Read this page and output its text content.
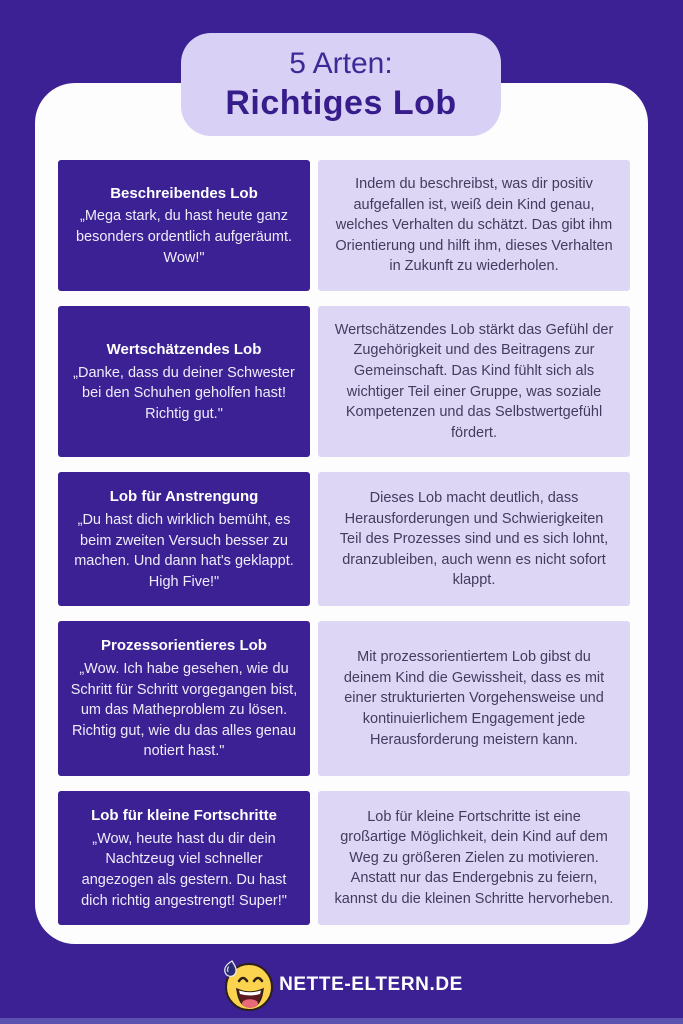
5 Arten:
Richtiges Lob
Beschreibendes Lob
„Mega stark, du hast heute ganz besonders ordentlich aufgeräumt. Wow!"
Indem du beschreibst, was dir positiv aufgefallen ist, weiß dein Kind genau, welches Verhalten du schätzt. Das gibt ihm Orientierung und hilft ihm, dieses Verhalten in Zukunft zu wiederholen.
Wertschätzendes Lob
„Danke, dass du deiner Schwester bei den Schuhen geholfen hast! Richtig gut."
Wertschätzendes Lob stärkt das Gefühl der Zugehörigkeit und des Beitragens zur Gemeinschaft. Das Kind fühlt sich als wichtiger Teil einer Gruppe, was soziale Kompetenzen und das Selbstwertgefühl fördert.
Lob für Anstrengung
„Du hast dich wirklich bemüht, es beim zweiten Versuch besser zu machen. Und dann hat's geklappt. High Five!"
Dieses Lob macht deutlich, dass Herausforderungen und Schwierigkeiten Teil des Prozesses sind und es sich lohnt, dranzubleiben, auch wenn es nicht sofort klappt.
Prozessorientieres Lob
„Wow. Ich habe gesehen, wie du Schritt für Schritt vorgegangen bist, um das Matheproblem zu lösen. Richtig gut, wie du das alles genau notiert hast."
Mit prozessorientiertem Lob gibst du deinem Kind die Gewissheit, dass es mit einer strukturierten Vorgehensweise und kontinuierlichem Engagement jede Herausforderung meistern kann.
Lob für kleine Fortschritte
„Wow, heute hast du dir dein Nachtzeug viel schneller angezogen als gestern. Du hast dich richtig angestrengt! Super!"
Lob für kleine Fortschritte ist eine großartige Möglichkeit, dein Kind auf dem Weg zu größeren Zielen zu motivieren. Anstatt nur das Endergebnis zu feiern, kannst du die kleinen Schritte hervorheben.
NETTE-ELTERN.DE
